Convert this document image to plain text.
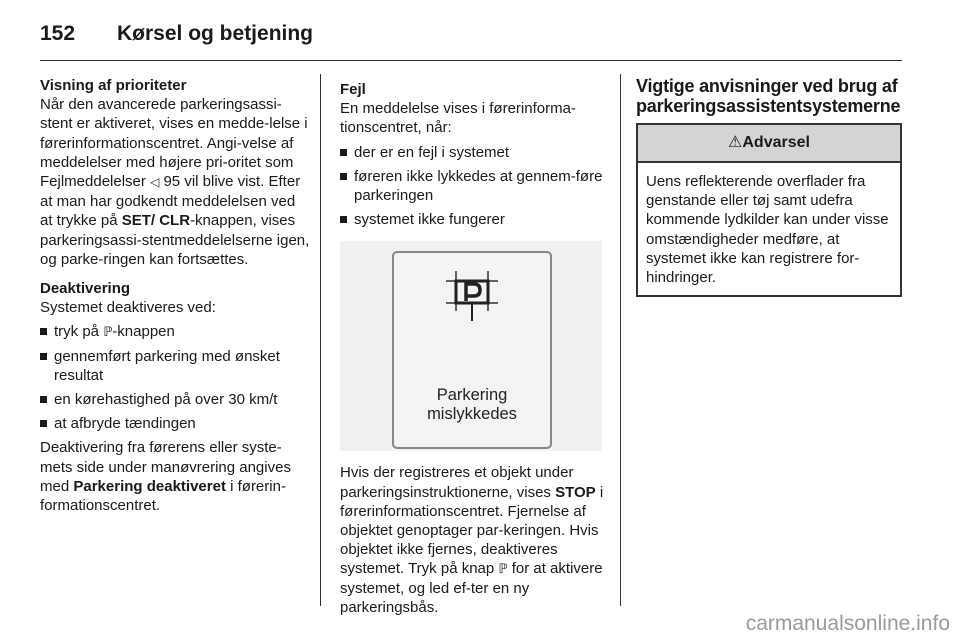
152 Kørsel og betjening

Visning af prioriteter

Når den avancerede parkeringsassi-stent er aktiveret, vises en medde-lelse i førerinformationscentret. Angi-velse af meddelelser med højere pri-oritet som Fejlmeddelelser ◁ 95 vil blive vist. Efter at man har godkendt meddelelsen ved at trykke på SET/ CLR-knappen, vises parkeringsassi-stentmeddelelserne igen, og parke-ringen kan fortsættes.

Deaktivering

Systemet deaktiveres ved:

tryk på ℙ-knappen

gennemført parkering med ønsket resultat

en kørehastighed på over 30 km/t

at afbryde tændingen

Deaktivering fra førerens eller syste-mets side under manøvrering angives med Parkering deaktiveret i førerin-formationscentret.

Fejl

En meddelelse vises i førerinforma-tionscentret, når:

der er en fejl i systemet

føreren ikke lykkedes at gennem-føre parkeringen

systemet ikke fungerer

Parkering
mislykkedes

Hvis der registreres et objekt under parkeringsinstruktionerne, vises STOP i førerinformationscentret. Fjernelse af objektet genoptager par-keringen. Hvis objektet ikke fjernes, deaktiveres systemet. Tryk på knap ℙ for at aktivere systemet, og led ef-ter en ny parkeringsbås.

Vigtige anvisninger ved brug af
parkeringsassistentsystemerne
⚠ Advarsel
Uens reflekterende overflader fra genstande eller tøj samt udefra kommende lydkilder kan under visse omstændigheder medføre, at systemet ikke kan registrere for-hindringer.
carmanualsonline.info
